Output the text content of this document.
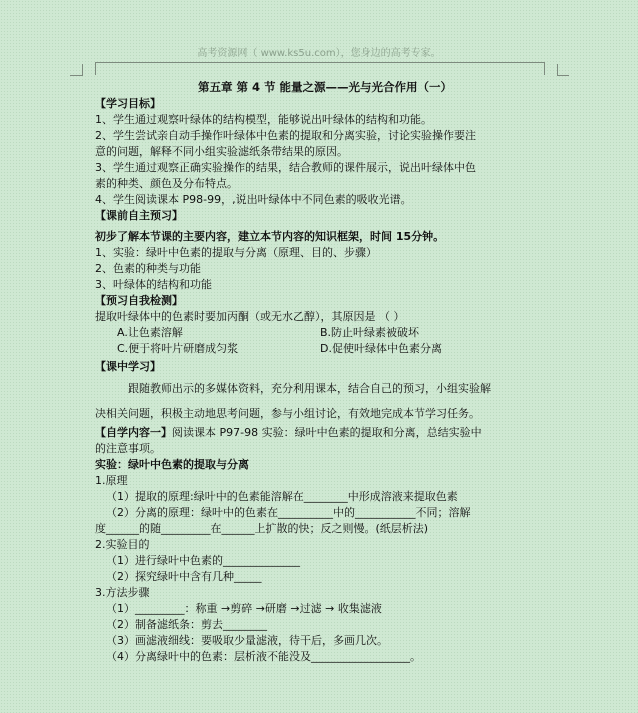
高考资源网（ www.ks5u.com），您身边的高考专家。
第五章 第 4 节 能量之源——光与光合作用（一）
【学习目标】
1、学生通过观察叶绿体的结构模型，能够说出叶绿体的结构和功能。
2、学生尝试亲自动手操作叶绿体中色素的提取和分离实验，讨论实验操作要注
意的问题，解释不同小组实验滤纸条带结果的原因。
3、学生通过观察正确实验操作的结果，结合教师的课件展示，说出叶绿体中色
素的种类、颜色及分布特点。
4、学生阅读课本 P98-99，,说出叶绿体中不同色素的吸收光谱。
【课前自主预习】
初步了解本节课的主要内容，建立本节内容的知识框架，时间 15分钟。
1、实验：绿叶中色素的提取与分离（原理、目的、步骤）
2、色素的种类与功能
3、叶绿体的结构和功能
【预习自我检测】
提取叶绿体中的色素时要加丙酮（或无水乙醇），其原因是 （ ）
A.让色素溶解	B.防止叶绿素被破坏
C.便于将叶片研磨成匀浆	D.促使叶绿体中色素分离
【课中学习】
跟随教师出示的多媒体资料，充分利用课本，结合自己的预习，小组实验解
决相关问题，积极主动地思考问题，参与小组讨论，有效地完成本节学习任务。
【自学内容一】阅读课本 P97-98 实验：绿叶中色素的提取和分离，总结实验中
的注意事项。
实验：绿叶中色素的提取与分离
1.原理
（1）提取的原理:绿叶中的色素能溶解在________中形成溶液来提取色素
（2）分离的原理：绿叶中的色素在__________中的___________不同；溶解
度______的随_________在______上扩散的快；反之则慢。(纸层析法)
2.实验目的
（1）进行绿叶中色素的______________
（2）探究绿叶中含有几种_____
3.方法步骤
（1）_________：称重 →剪碎 →研磨 →过滤 → 收集滤液
（2）制备滤纸条：剪去________
（3）画滤液细线：要吸取少量滤液，待干后，多画几次。
（4）分离绿叶中的色素：层析液不能没及__________________。
